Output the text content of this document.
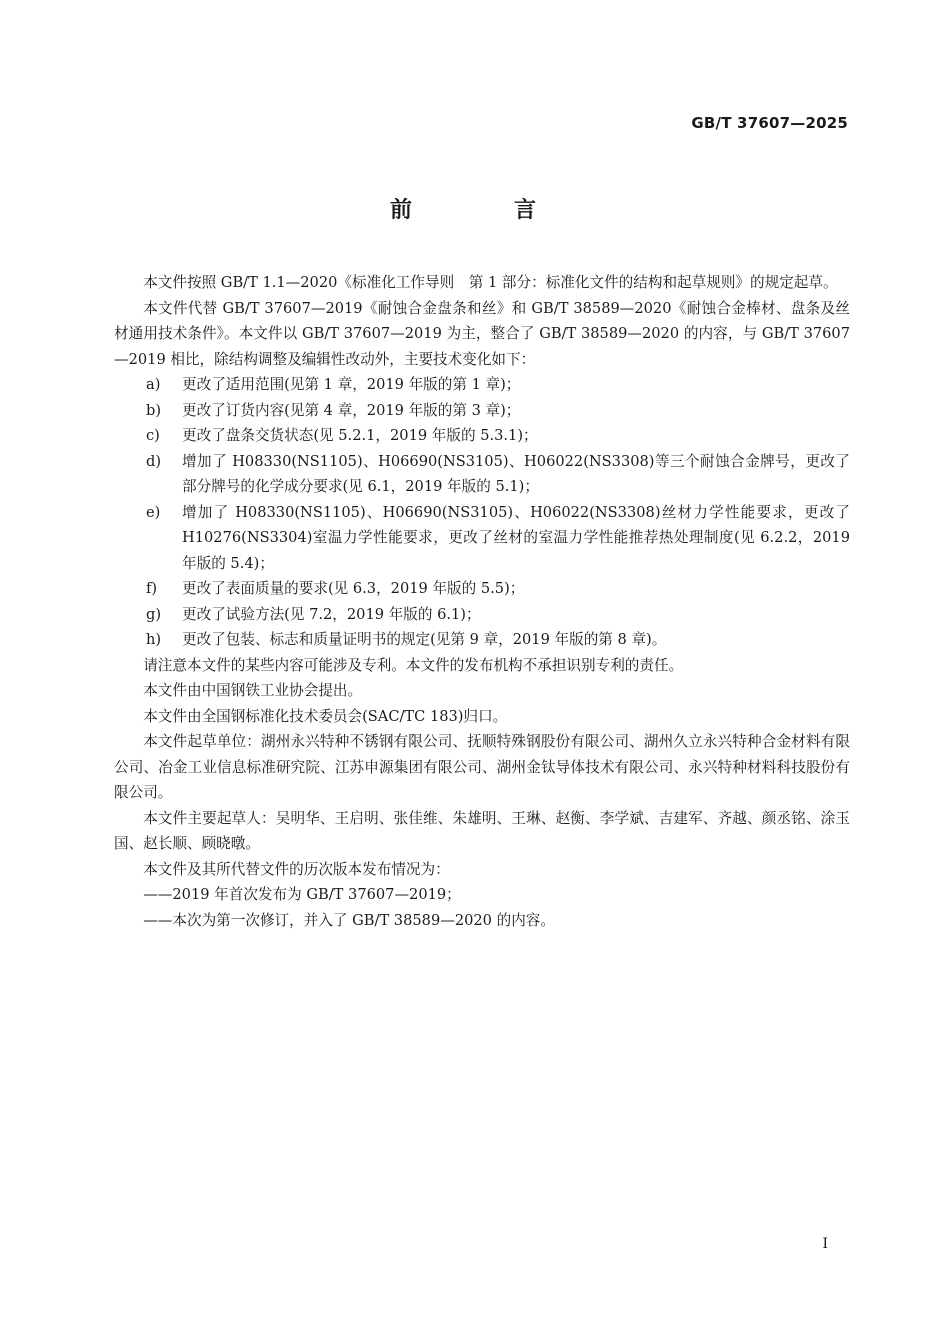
GB/T 37607—2025
前　言

本文件按照 GB/T 1.1—2020《标准化工作导则　第 1 部分：标准化文件的结构和起草规则》的规定起草。

本文件代替 GB/T 37607—2019《耐蚀合金盘条和丝》和 GB/T 38589—2020《耐蚀合金棒材、盘条及丝材通用技术条件》。本文件以 GB/T 37607—2019 为主，整合了 GB/T 38589—2020 的内容，与 GB/T 37607—2019 相比，除结构调整及编辑性改动外，主要技术变化如下：

a)	更改了适用范围(见第 1 章，2019 年版的第 1 章)；
b)	更改了订货内容(见第 4 章，2019 年版的第 3 章)；
c)	更改了盘条交货状态(见 5.2.1，2019 年版的 5.3.1)；
d)	增加了 H08330(NS1105)、H06690(NS3105)、H06022(NS3308)等三个耐蚀合金牌号，更改了部分牌号的化学成分要求(见 6.1，2019 年版的 5.1)；
e)	增加了 H08330(NS1105)、H06690(NS3105)、H06022(NS3308)丝材力学性能要求，更改了 H10276(NS3304)室温力学性能要求，更改了丝材的室温力学性能推荐热处理制度(见 6.2.2，2019 年版的 5.4)；
f)	更改了表面质量的要求(见 6.3，2019 年版的 5.5)；
g)	更改了试验方法(见 7.2，2019 年版的 6.1)；
h)	更改了包装、标志和质量证明书的规定(见第 9 章，2019 年版的第 8 章)。

请注意本文件的某些内容可能涉及专利。本文件的发布机构不承担识别专利的责任。

本文件由中国钢铁工业协会提出。

本文件由全国钢标准化技术委员会(SAC/TC 183)归口。

本文件起草单位：湖州永兴特种不锈钢有限公司、抚顺特殊钢股份有限公司、湖州久立永兴特种合金材料有限公司、冶金工业信息标准研究院、江苏申源集团有限公司、湖州金钛导体技术有限公司、永兴特种材料科技股份有限公司。

本文件主要起草人：吴明华、王启明、张佳维、朱雄明、王琳、赵衡、李学斌、吉建军、齐越、颜丞铭、涂玉国、赵长顺、顾晓暾。

本文件及其所代替文件的历次版本发布情况为：

——2019 年首次发布为 GB/T 37607—2019；

——本次为第一次修订，并入了 GB/T 38589—2020 的内容。

I
